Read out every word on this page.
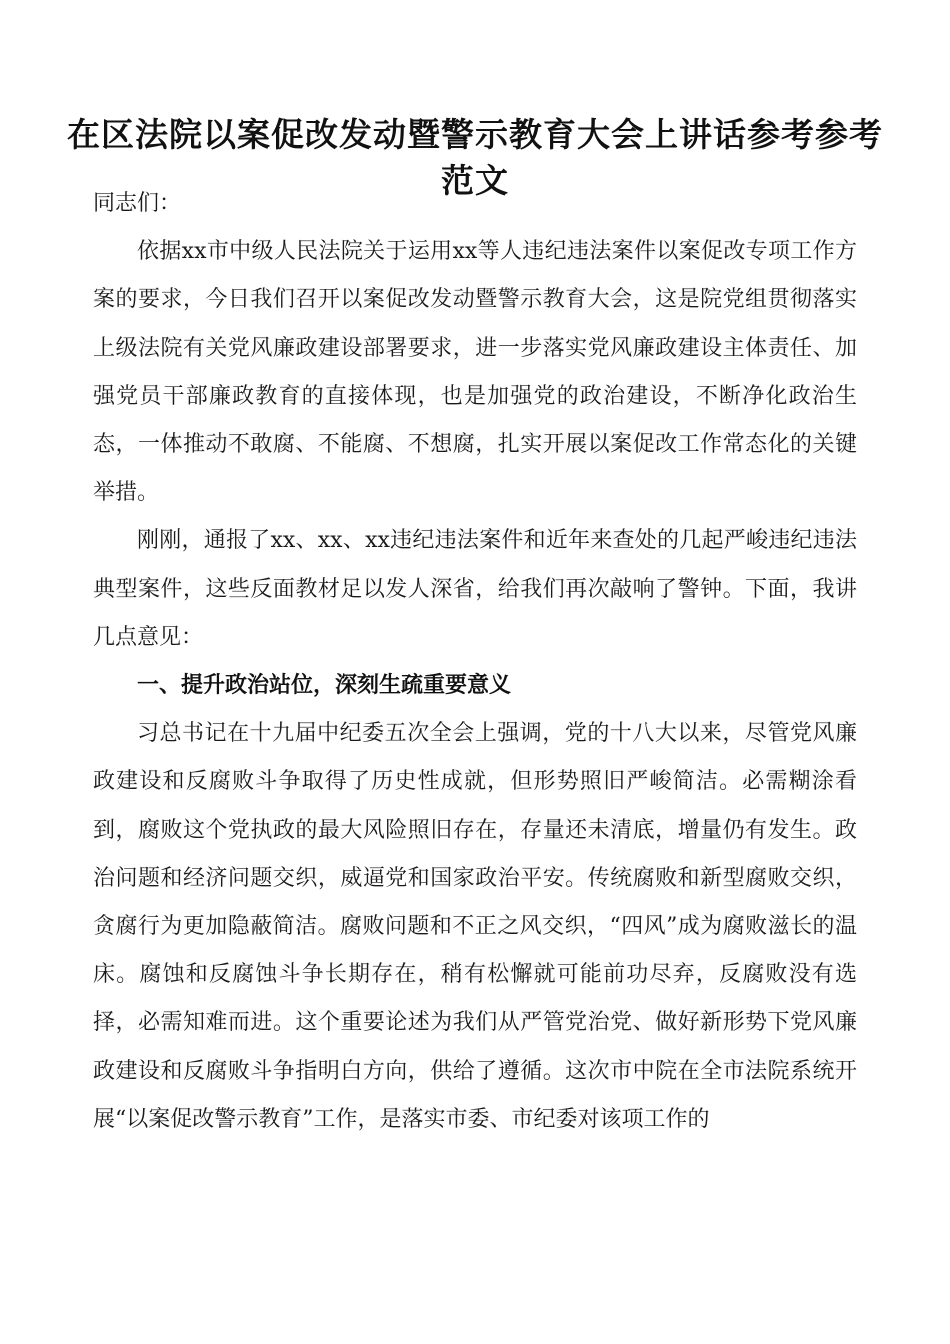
在区法院以案促改发动暨警示教育大会上讲话参考参考范文

同志们：

依据xx市中级人民法院关于运用xx等人违纪违法案件以案促改专项工作方案的要求，今日我们召开以案促改发动暨警示教育大会，这是院党组贯彻落实上级法院有关党风廉政建设部署要求，进一步落实党风廉政建设主体责任、加强党员干部廉政教育的直接体现，也是加强党的政治建设，不断净化政治生态，一体推动不敢腐、不能腐、不想腐，扎实开展以案促改工作常态化的关键举措。

刚刚，通报了xx、xx、xx违纪违法案件和近年来查处的几起严峻违纪违法典型案件，这些反面教材足以发人深省，给我们再次敲响了警钟。下面，我讲几点意见：

一、提升政治站位，深刻生疏重要意义

习总书记在十九届中纪委五次全会上强调，党的十八大以来，尽管党风廉政建设和反腐败斗争取得了历史性成就，但形势照旧严峻简洁。必需糊涂看到，腐败这个党执政的最大风险照旧存在，存量还未清底，增量仍有发生。政治问题和经济问题交织，威逼党和国家政治平安。传统腐败和新型腐败交织，贪腐行为更加隐蔽简洁。腐败问题和不正之风交织，“四风”成为腐败滋长的温床。腐蚀和反腐蚀斗争长期存在，稍有松懈就可能前功尽弃，反腐败没有选择，必需知难而进。这个重要论述为我们从严管党治党、做好新形势下党风廉政建设和反腐败斗争指明白方向，供给了遵循。这次市中院在全市法院系统开展“以案促改警示教育”工作，是落实市委、市纪委对该项工作的
